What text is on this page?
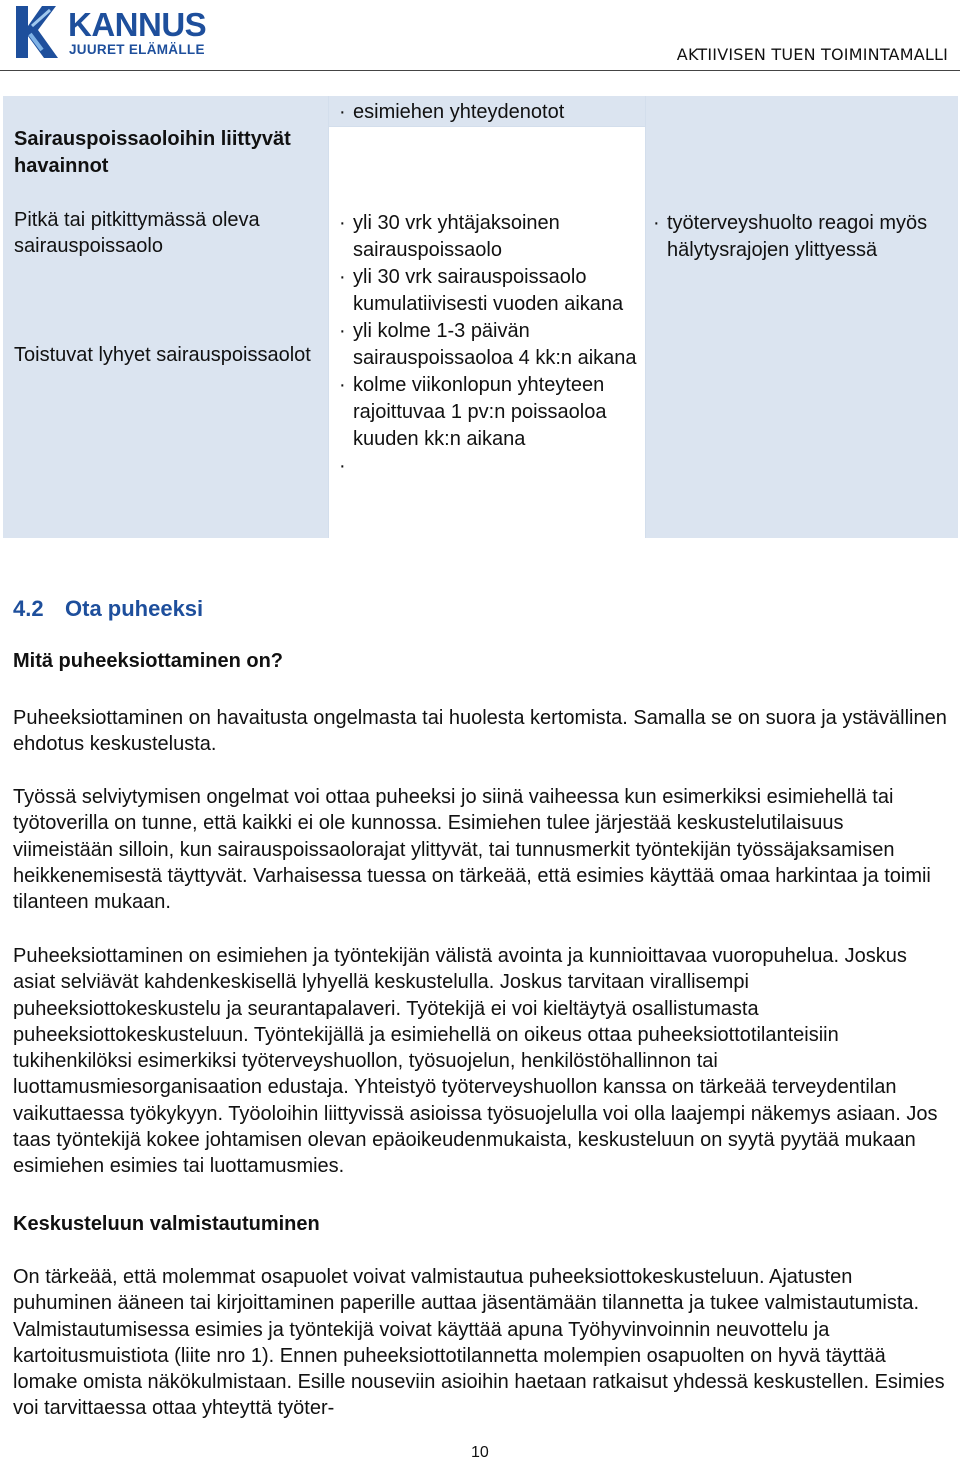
KANNUS
JUURET ELÄMÄLLE	AKTIIVISEN TUEN TOIMINTAMALLI
Sairauspoissaoloihin liittyvät havainnot
Pitkä tai pitkittymässä oleva sairauspoissaolo
Toistuvat lyhyet sairauspoissaolot
· esimiehen yhteydenotot
· yli 30 vrk yhtäjaksoinen sairauspoissaolo
· yli 30 vrk sairauspoissaolo kumulatiivisesti vuoden aikana
· yli kolme 1-3 päivän sairauspoissaoloa 4 kk:n aikana
· kolme viikonlopun yhteyteen rajoittuvaa 1 pv:n poissaoloa kuuden kk:n aikana
·
· työterveyshuolto reagoi myös hälytysrajojen ylittyessä
4.2 Ota puheeksi
Mitä puheeksiottaminen on?
Puheeksiottaminen on havaitusta ongelmasta tai huolesta kertomista. Samalla se on suora ja ystävällinen ehdotus keskustelusta.
Työssä selviytymisen ongelmat voi ottaa puheeksi jo siinä vaiheessa kun esimerkiksi esimiehellä tai työtoverilla on tunne, että kaikki ei ole kunnossa. Esimiehen tulee järjestää keskustelutilaisuus viimeistään silloin, kun sairauspoissaolorajat ylittyvät, tai tunnusmerkit työntekijän työssäjaksamisen heikkenemisestä täyttyvät. Varhaisessa tuessa on tärkeää, että esimies käyttää omaa harkintaa ja toimii tilanteen mukaan.
Puheeksiottaminen on esimiehen ja työntekijän välistä avointa ja kunnioittavaa vuoropuhelua. Joskus asiat selviävät kahdenkeskisellä lyhyellä keskustelulla. Joskus tarvitaan virallisempi puheeksiottokeskustelu ja seurantapalaveri. Työtekijä ei voi kieltäytyä osallistumasta puheeksiottokeskusteluun. Työntekijällä ja esimiehellä on oikeus ottaa puheeksiottotilanteisiin tukihenkilöksi esimerkiksi työterveyshuollon, työsuojelun, henkilöstöhallinnon tai luottamusmiesorganisaation edustaja. Yhteistyö työterveyshuollon kanssa on tärkeää terveydentilan vaikuttaessa työkykyyn. Työoloihin liittyvissä asioissa työsuojelulla voi olla laajempi näkemys asiaan. Jos taas työntekijä kokee johtamisen olevan epäoikeudenmukaista, keskusteluun on syytä pyytää mukaan esimiehen esimies tai luottamusmies.
Keskusteluun valmistautuminen
On tärkeää, että molemmat osapuolet voivat valmistautua puheeksiottokeskusteluun. Ajatusten puhuminen ääneen tai kirjoittaminen paperille auttaa jäsentämään tilannetta ja tukee valmistautumista. Valmistautumisessa esimies ja työntekijä voivat käyttää apuna Työhyvinvoinnin neuvottelu ja kartoitusmuistiota (liite nro 1). Ennen puheeksiottotilannetta molempien osapuolten on hyvä täyttää lomake omista näkökulmistaan. Esille nouseviin asioihin haetaan ratkaisut yhdessä keskustellen. Esimies voi tarvittaessa ottaa yhteyttä työter-
10
